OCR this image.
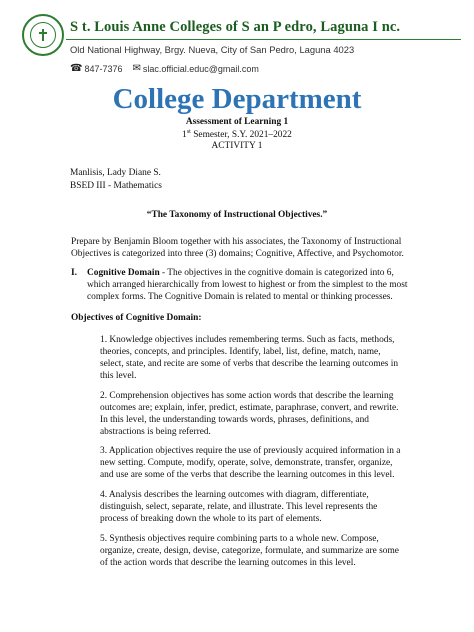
S t. Louis Anne Colleges of S an P edro, Laguna I nc.
Old National Highway, Brgy. Nueva, City of San Pedro, Laguna 4023
☎ 847-7376 ✉ slac.official.educ@gmail.com
College Department
Assessment of Learning 1
1st Semester, S.Y. 2021–2022
ACTIVITY 1
Manlisis, Lady Diane S.
BSED III - Mathematics
“The Taxonomy of Instructional Objectives.”
Prepare by Benjamin Bloom together with his associates, the Taxonomy of Instructional
Objectives is categorized into three (3) domains; Cognitive, Affective, and Psychomotor.
I. Cognitive Domain - The objectives in the cognitive domain is categorized into 6,
which arranged hierarchically from lowest to highest or from the simplest to the most
complex forms. The Cognitive Domain is related to mental or thinking processes.
Objectives of Cognitive Domain:
1. Knowledge objectives includes remembering terms. Such as facts, methods,
theories, concepts, and principles. Identify, label, list, define, match, name,
select, state, and recite are some of verbs that describe the learning outcomes in
this level.
2. Comprehension objectives has some action words that describe the learning
outcomes are; explain, infer, predict, estimate, paraphrase, convert, and rewrite.
In this level, the understanding towards words, phrases, definitions, and
abstractions is being referred.
3. Application objectives require the use of previously acquired information in a
new setting. Compute, modify, operate, solve, demonstrate, transfer, organize,
and use are some of the verbs that describe the learning outcomes in this level.
4. Analysis describes the learning outcomes with diagram, differentiate,
distinguish, select, separate, relate, and illustrate. This level represents the
process of breaking down the whole to its part of elements.
5. Synthesis objectives require combining parts to a whole new. Compose,
organize, create, design, devise, categorize, formulate, and summarize are some
of the action words that describe the learning outcomes in this level.
